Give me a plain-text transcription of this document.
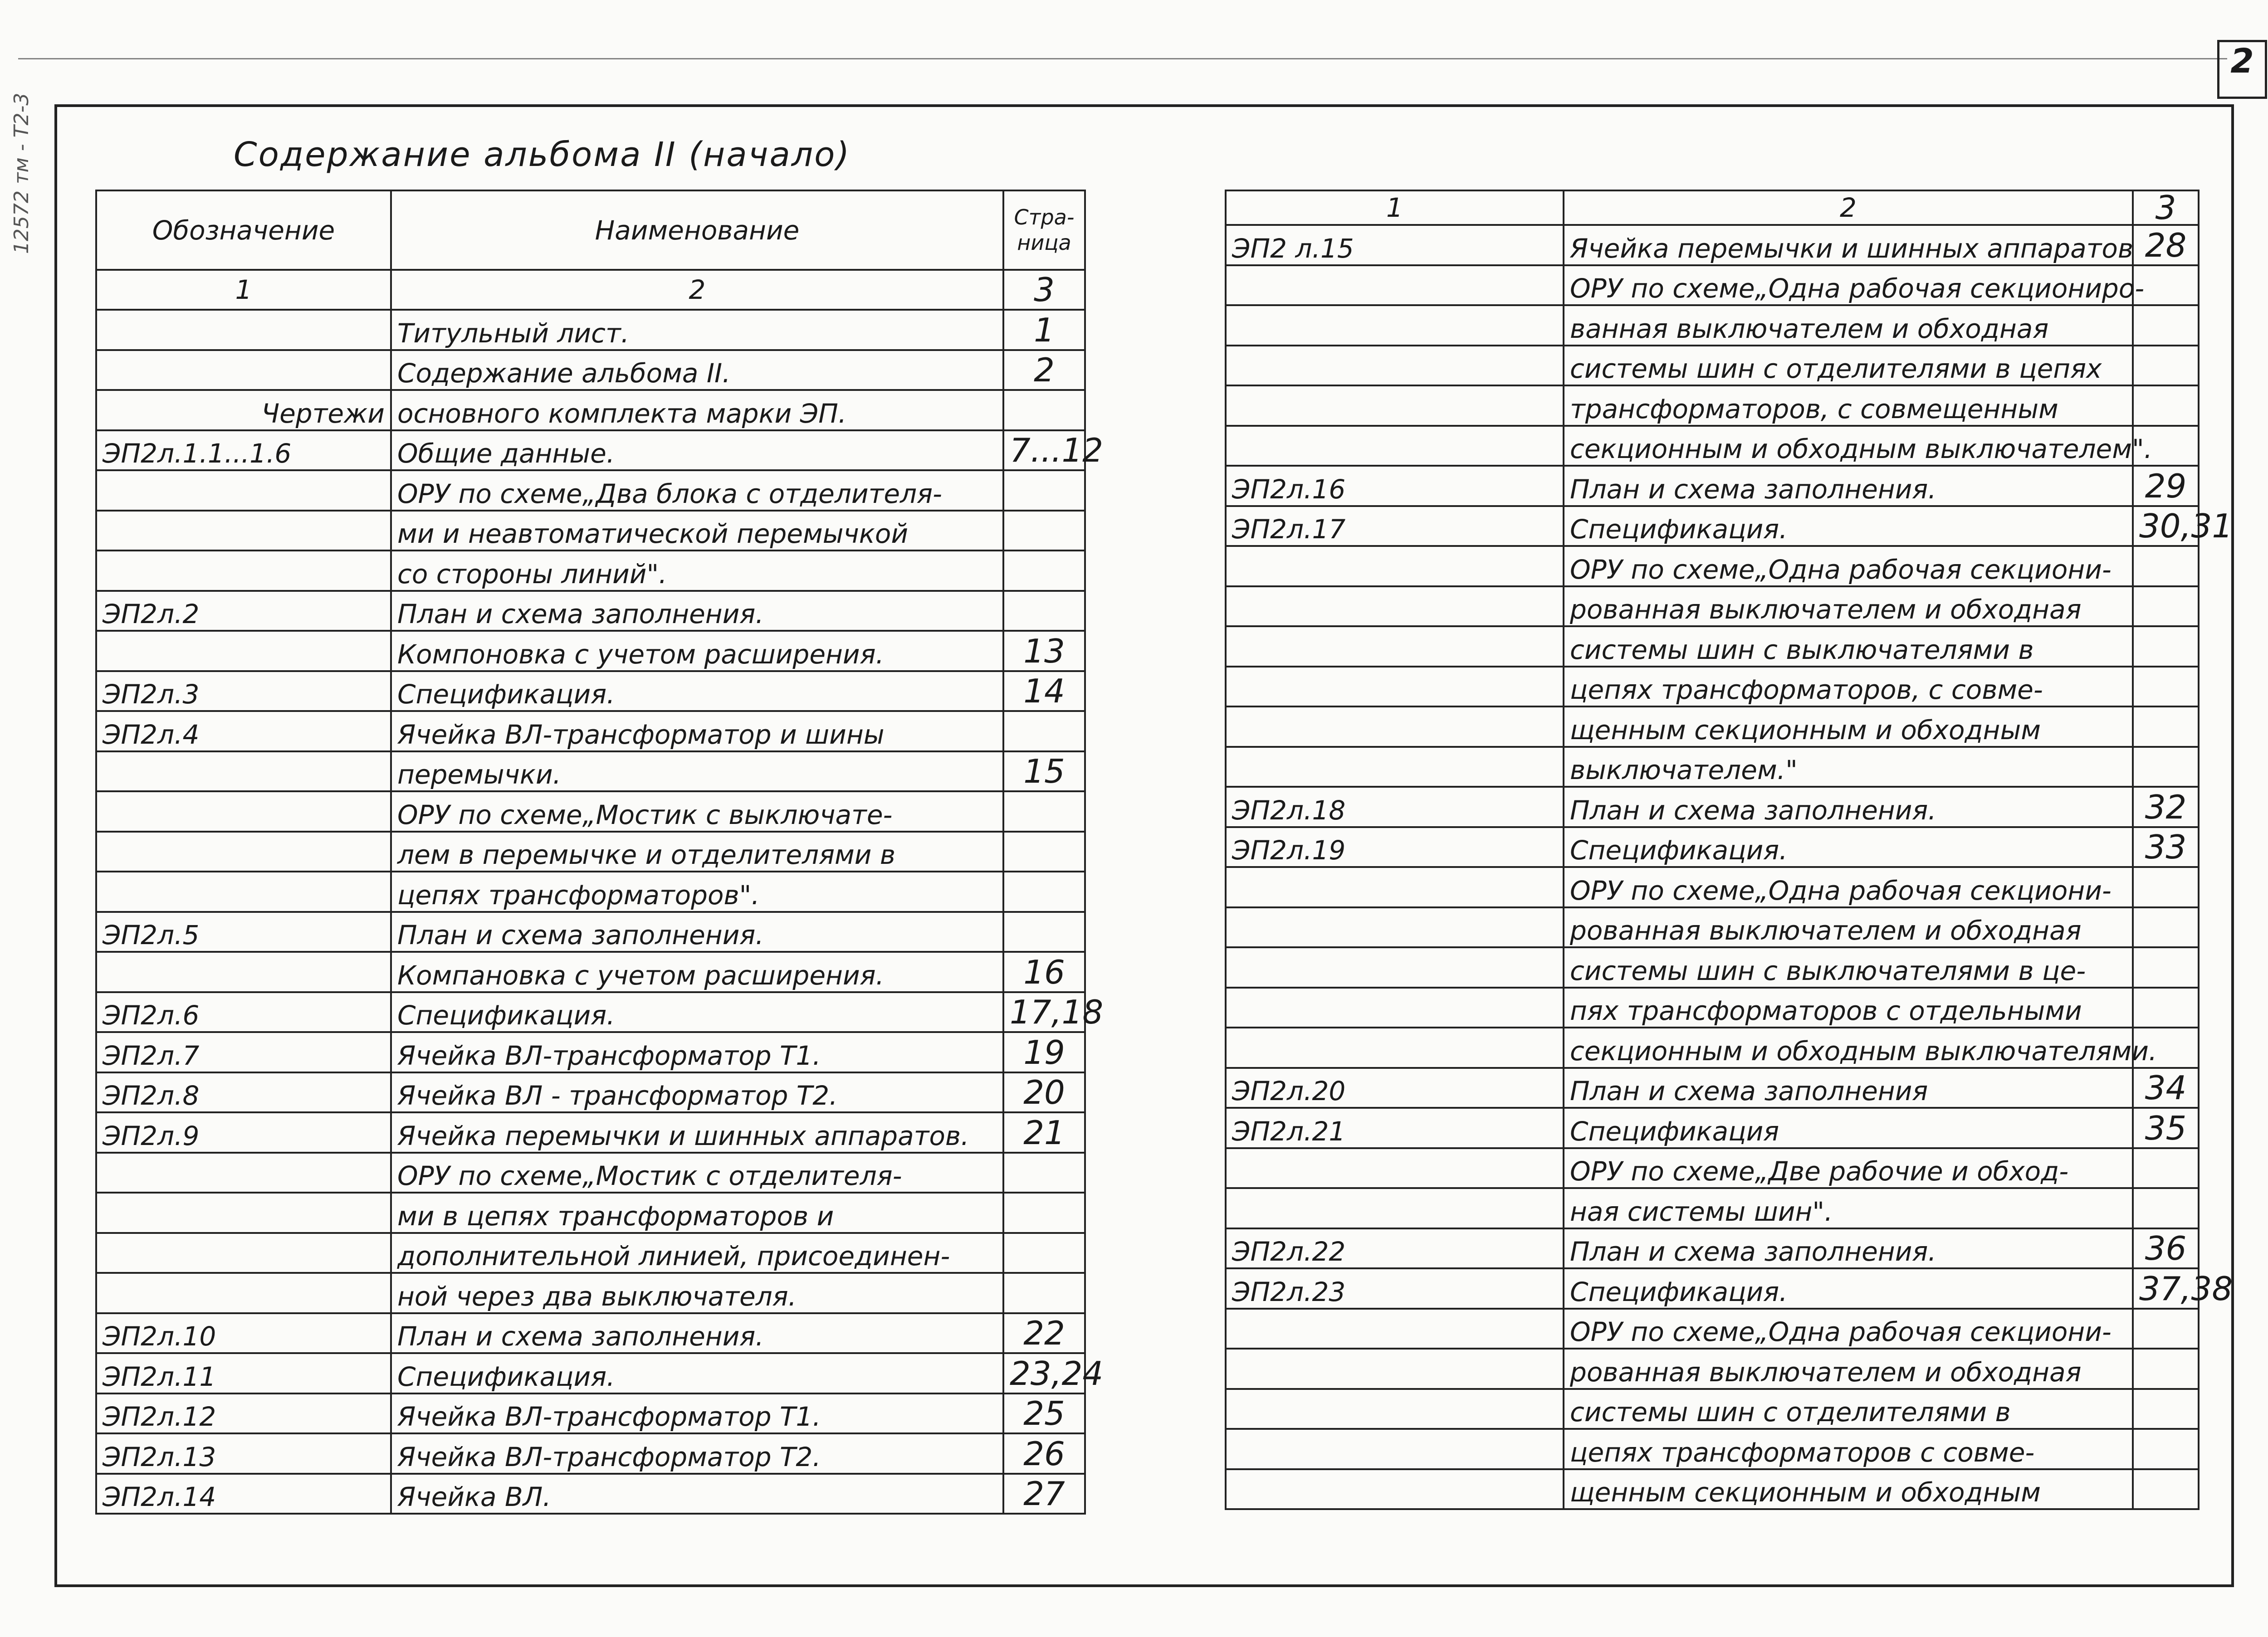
2
12572 тм - Т2-3	Содержание альбома II (начало)
Обозначение	Наименование	Стра-
ница
1	2	3
	Титульный лист.	1
	Содержание альбома II.	2
Чертежи	основного комплекта марки ЭП.	
ЭП2л.1.1...1.6	Общие данные.	7...12
	ОРУ по схеме„Два блока с отделителя-	
	ми и неавтоматической перемычкой	
	со стороны линий".	
ЭП2л.2	План и схема заполнения.	
	Компоновка с учетом расширения.	13
ЭП2л.3	Спецификация.	14
ЭП2л.4	Ячейка ВЛ-трансформатор и шины	
	перемычки.	15
	ОРУ по схеме„Мостик с выключате-	
	лем в перемычке и отделителями в	
	цепях трансформаторов".	
ЭП2л.5	План и схема заполнения.	
	Компановка с учетом расширения.	16
ЭП2л.6	Спецификация.	17,18
ЭП2л.7	Ячейка ВЛ-трансформатор Т1.	19
ЭП2л.8	Ячейка ВЛ - трансформатор Т2.	20
ЭП2л.9	Ячейка перемычки и шинных аппаратов.	21
	ОРУ по схеме„Мостик с отделителя-	
	ми в цепях трансформаторов и	
	дополнительной линией, присоединен-	
	ной через два выключателя.	
ЭП2л.10	План и схема заполнения.	22
ЭП2л.11	Спецификация.	23,24
ЭП2л.12	Ячейка ВЛ-трансформатор Т1.	25
ЭП2л.13	Ячейка ВЛ-трансформатор Т2.	26
ЭП2л.14	Ячейка ВЛ.	27
1	2	3
ЭП2 л.15	Ячейка перемычки и шинных аппаратов	28
	ОРУ по схеме„Одна рабочая секциониро-	
	ванная выключателем и обходная	
	системы шин с отделителями в цепях	
	трансформаторов, с совмещенным	
	секционным и обходным выключателем".	
ЭП2л.16	План и схема заполнения.	29
ЭП2л.17	Спецификация.	30,31
	ОРУ по схеме„Одна рабочая секциони-	
	рованная выключателем и обходная	
	системы шин с выключателями в	
	цепях трансформаторов, с совме-	
	щенным секционным и обходным	
	выключателем."	
ЭП2л.18	План и схема заполнения.	32
ЭП2л.19	Спецификация.	33
	ОРУ по схеме„Одна рабочая секциони-	
	рованная выключателем и обходная	
	системы шин с выключателями в це-	
	пях трансформаторов с отдельными	
	секционным и обходным выключателями.	
ЭП2л.20	План и схема заполнения	34
ЭП2л.21	Спецификация	35
	ОРУ по схеме„Две рабочие и обход-	
	ная системы шин".	
ЭП2л.22	План и схема заполнения.	36
ЭП2л.23	Спецификация.	37,38
	ОРУ по схеме„Одна рабочая секциони-	
	рованная выключателем и обходная	
	системы шин с отделителями в	
	цепях трансформаторов с совме-	
	щенным секционным и обходным	
